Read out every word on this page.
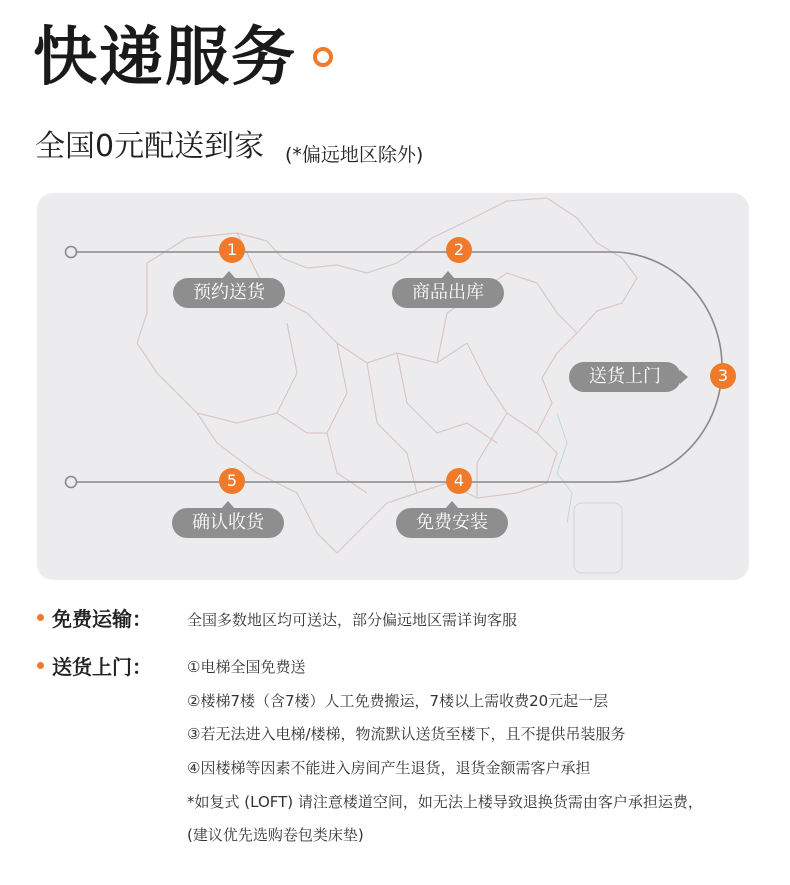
快递服务
全国0元配送到家 (*偏远地区除外)
1
预约送货
2
商品出库
3
送货上门
4
免费安装
5
确认收货
免费运输： 全国多数地区均可送达，部分偏远地区需详询客服
送货上门： ①电梯全国免费送
②楼梯7楼（含7楼）人工免费搬运，7楼以上需收费20元起一层
③若无法进入电梯/楼梯，物流默认送货至楼下，且不提供吊装服务
④因楼梯等因素不能进入房间产生退货，退货金额需客户承担
*如复式 (LOFT) 请注意楼道空间，如无法上楼导致退换货需由客户承担运费，
(建议优先选购卷包类床垫)
